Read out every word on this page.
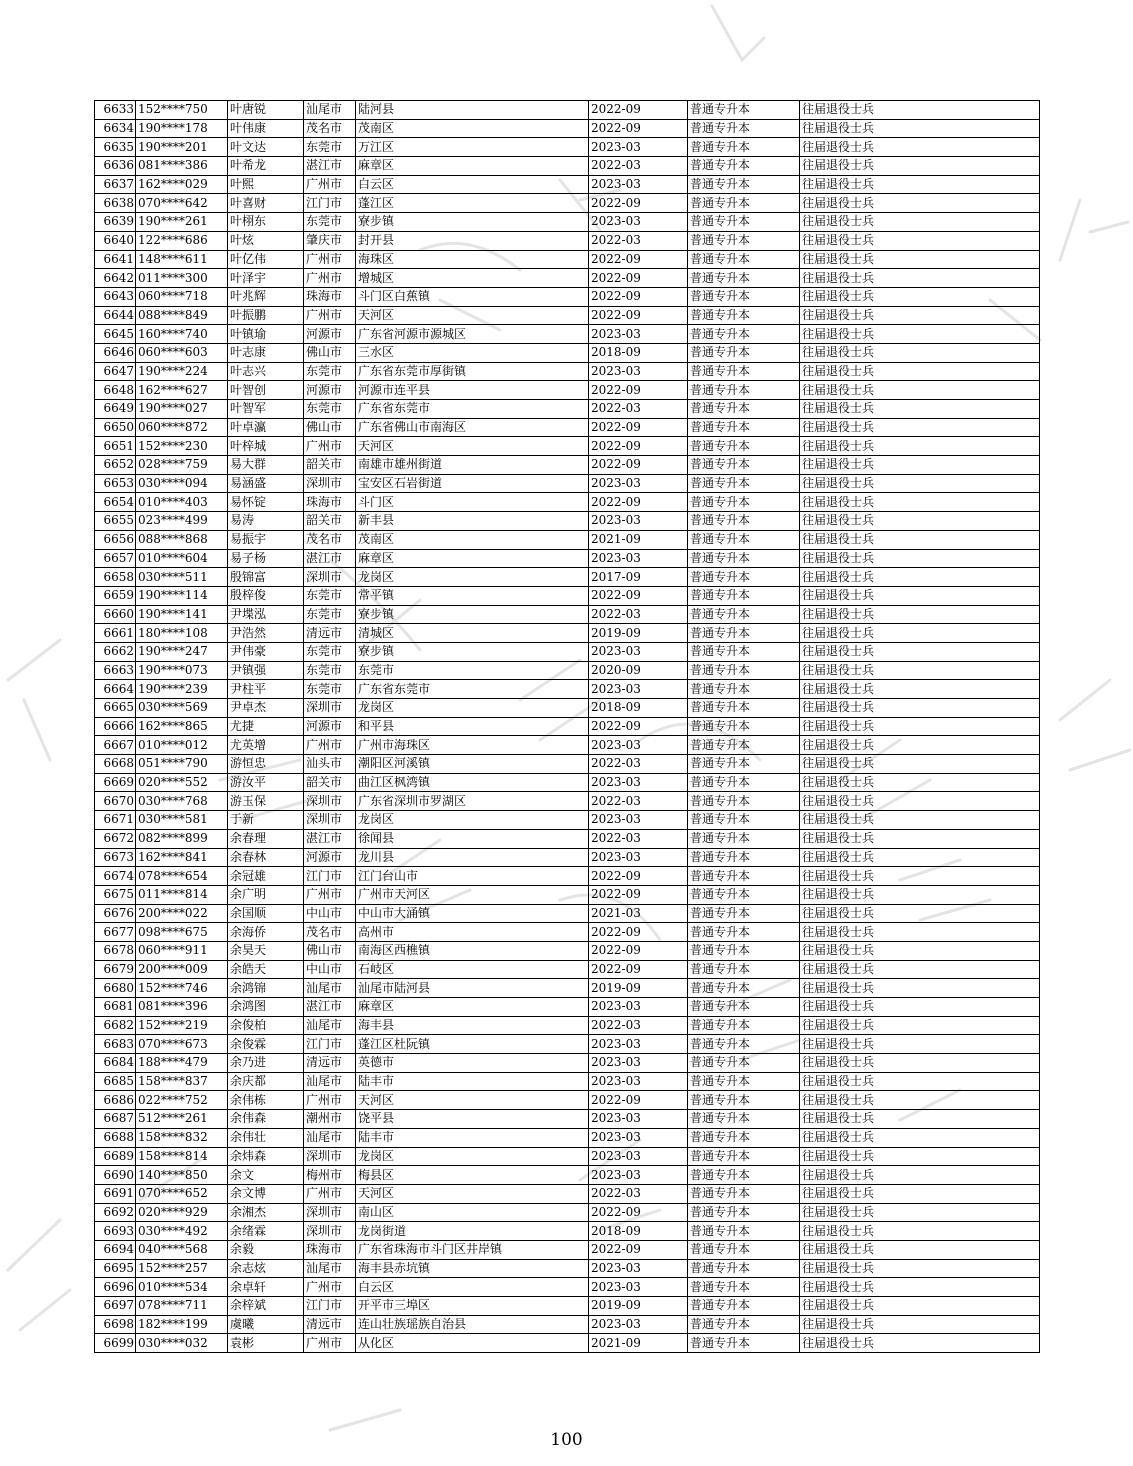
6633	152****750	叶唐锐	汕尾市	陆河县	2022-09	普通专升本	往届退役士兵
6634	190****178	叶伟康	茂名市	茂南区	2022-09	普通专升本	往届退役士兵
6635	190****201	叶文达	东莞市	万江区	2023-03	普通专升本	往届退役士兵
6636	081****386	叶希龙	湛江市	麻章区	2022-03	普通专升本	往届退役士兵
6637	162****029	叶熙	广州市	白云区	2023-03	普通专升本	往届退役士兵
6638	070****642	叶喜财	江门市	蓬江区	2022-09	普通专升本	往届退役士兵
6639	190****261	叶栩东	东莞市	寮步镇	2023-03	普通专升本	往届退役士兵
6640	122****686	叶炫	肇庆市	封开县	2022-03	普通专升本	往届退役士兵
6641	148****611	叶亿伟	广州市	海珠区	2022-09	普通专升本	往届退役士兵
6642	011****300	叶泽宇	广州市	增城区	2022-09	普通专升本	往届退役士兵
6643	060****718	叶兆辉	珠海市	斗门区白蕉镇	2022-09	普通专升本	往届退役士兵
6644	088****849	叶振鹏	广州市	天河区	2022-09	普通专升本	往届退役士兵
6645	160****740	叶镇瑜	河源市	广东省河源市源城区	2023-03	普通专升本	往届退役士兵
6646	060****603	叶志康	佛山市	三水区	2018-09	普通专升本	往届退役士兵
6647	190****224	叶志兴	东莞市	广东省东莞市厚街镇	2023-03	普通专升本	往届退役士兵
6648	162****627	叶智创	河源市	河源市连平县	2022-09	普通专升本	往届退役士兵
6649	190****027	叶智军	东莞市	广东省东莞市	2022-03	普通专升本	往届退役士兵
6650	060****872	叶卓瀛	佛山市	广东省佛山市南海区	2022-09	普通专升本	往届退役士兵
6651	152****230	叶梓城	广州市	天河区	2022-09	普通专升本	往届退役士兵
6652	028****759	易大群	韶关市	南雄市雄州街道	2022-09	普通专升本	往届退役士兵
6653	030****094	易涵盛	深圳市	宝安区石岩街道	2023-03	普通专升本	往届退役士兵
6654	010****403	易怀锭	珠海市	斗门区	2022-09	普通专升本	往届退役士兵
6655	023****499	易涛	韶关市	新丰县	2023-03	普通专升本	往届退役士兵
6656	088****868	易振宇	茂名市	茂南区	2021-09	普通专升本	往届退役士兵
6657	010****604	易子杨	湛江市	麻章区	2023-03	普通专升本	往届退役士兵
6658	030****511	殷锦富	深圳市	龙岗区	2017-09	普通专升本	往届退役士兵
6659	190****114	殷梓俊	东莞市	常平镇	2022-09	普通专升本	往届退役士兵
6660	190****141	尹堞泓	东莞市	寮步镇	2022-03	普通专升本	往届退役士兵
6661	180****108	尹浩然	清远市	清城区	2019-09	普通专升本	往届退役士兵
6662	190****247	尹伟豪	东莞市	寮步镇	2023-03	普通专升本	往届退役士兵
6663	190****073	尹镇强	东莞市	东莞市	2020-09	普通专升本	往届退役士兵
6664	190****239	尹柱平	东莞市	广东省东莞市	2023-03	普通专升本	往届退役士兵
6665	030****569	尹卓杰	深圳市	龙岗区	2018-09	普通专升本	往届退役士兵
6666	162****865	尤捷	河源市	和平县	2022-09	普通专升本	往届退役士兵
6667	010****012	尤英增	广州市	广州市海珠区	2023-03	普通专升本	往届退役士兵
6668	051****790	游恒忠	汕头市	潮阳区河溪镇	2022-03	普通专升本	往届退役士兵
6669	020****552	游汝平	韶关市	曲江区枫湾镇	2023-03	普通专升本	往届退役士兵
6670	030****768	游玉保	深圳市	广东省深圳市罗湖区	2022-03	普通专升本	往届退役士兵
6671	030****581	于新	深圳市	龙岗区	2023-03	普通专升本	往届退役士兵
6672	082****899	余春理	湛江市	徐闻县	2022-03	普通专升本	往届退役士兵
6673	162****841	余春林	河源市	龙川县	2023-03	普通专升本	往届退役士兵
6674	078****654	余冠雄	江门市	江门台山市	2022-09	普通专升本	往届退役士兵
6675	011****814	余广明	广州市	广州市天河区	2022-09	普通专升本	往届退役士兵
6676	200****022	余国顺	中山市	中山市大涌镇	2021-03	普通专升本	往届退役士兵
6677	098****675	余海侨	茂名市	高州市	2022-09	普通专升本	往届退役士兵
6678	060****911	余昊天	佛山市	南海区西樵镇	2022-09	普通专升本	往届退役士兵
6679	200****009	余皓天	中山市	石岐区	2022-09	普通专升本	往届退役士兵
6680	152****746	余鸿锦	汕尾市	汕尾市陆河县	2019-09	普通专升本	往届退役士兵
6681	081****396	余鸿图	湛江市	麻章区	2023-03	普通专升本	往届退役士兵
6682	152****219	余俊柏	汕尾市	海丰县	2022-03	普通专升本	往届退役士兵
6683	070****673	余俊霖	江门市	蓬江区杜阮镇	2023-03	普通专升本	往届退役士兵
6684	188****479	余乃进	清远市	英德市	2023-03	普通专升本	往届退役士兵
6685	158****837	余庆都	汕尾市	陆丰市	2023-03	普通专升本	往届退役士兵
6686	022****752	余伟栋	广州市	天河区	2022-09	普通专升本	往届退役士兵
6687	512****261	余伟森	潮州市	饶平县	2023-03	普通专升本	往届退役士兵
6688	158****832	余伟壮	汕尾市	陆丰市	2023-03	普通专升本	往届退役士兵
6689	158****814	余炜森	深圳市	龙岗区	2023-03	普通专升本	往届退役士兵
6690	140****850	余文	梅州市	梅县区	2023-03	普通专升本	往届退役士兵
6691	070****652	余文博	广州市	天河区	2022-03	普通专升本	往届退役士兵
6692	020****929	余湘杰	深圳市	南山区	2022-09	普通专升本	往届退役士兵
6693	030****492	余绪霖	深圳市	龙岗街道	2018-09	普通专升本	往届退役士兵
6694	040****568	余毅	珠海市	广东省珠海市斗门区井岸镇	2022-09	普通专升本	往届退役士兵
6695	152****257	余志炫	汕尾市	海丰县赤坑镇	2023-03	普通专升本	往届退役士兵
6696	010****534	余卓轩	广州市	白云区	2023-03	普通专升本	往届退役士兵
6697	078****711	余梓斌	江门市	开平市三埠区	2019-09	普通专升本	往届退役士兵
6698	182****199	虞曦	清远市	连山壮族瑶族自治县	2023-03	普通专升本	往届退役士兵
6699	030****032	袁彬	广州市	从化区	2021-09	普通专升本	往届退役士兵
100
